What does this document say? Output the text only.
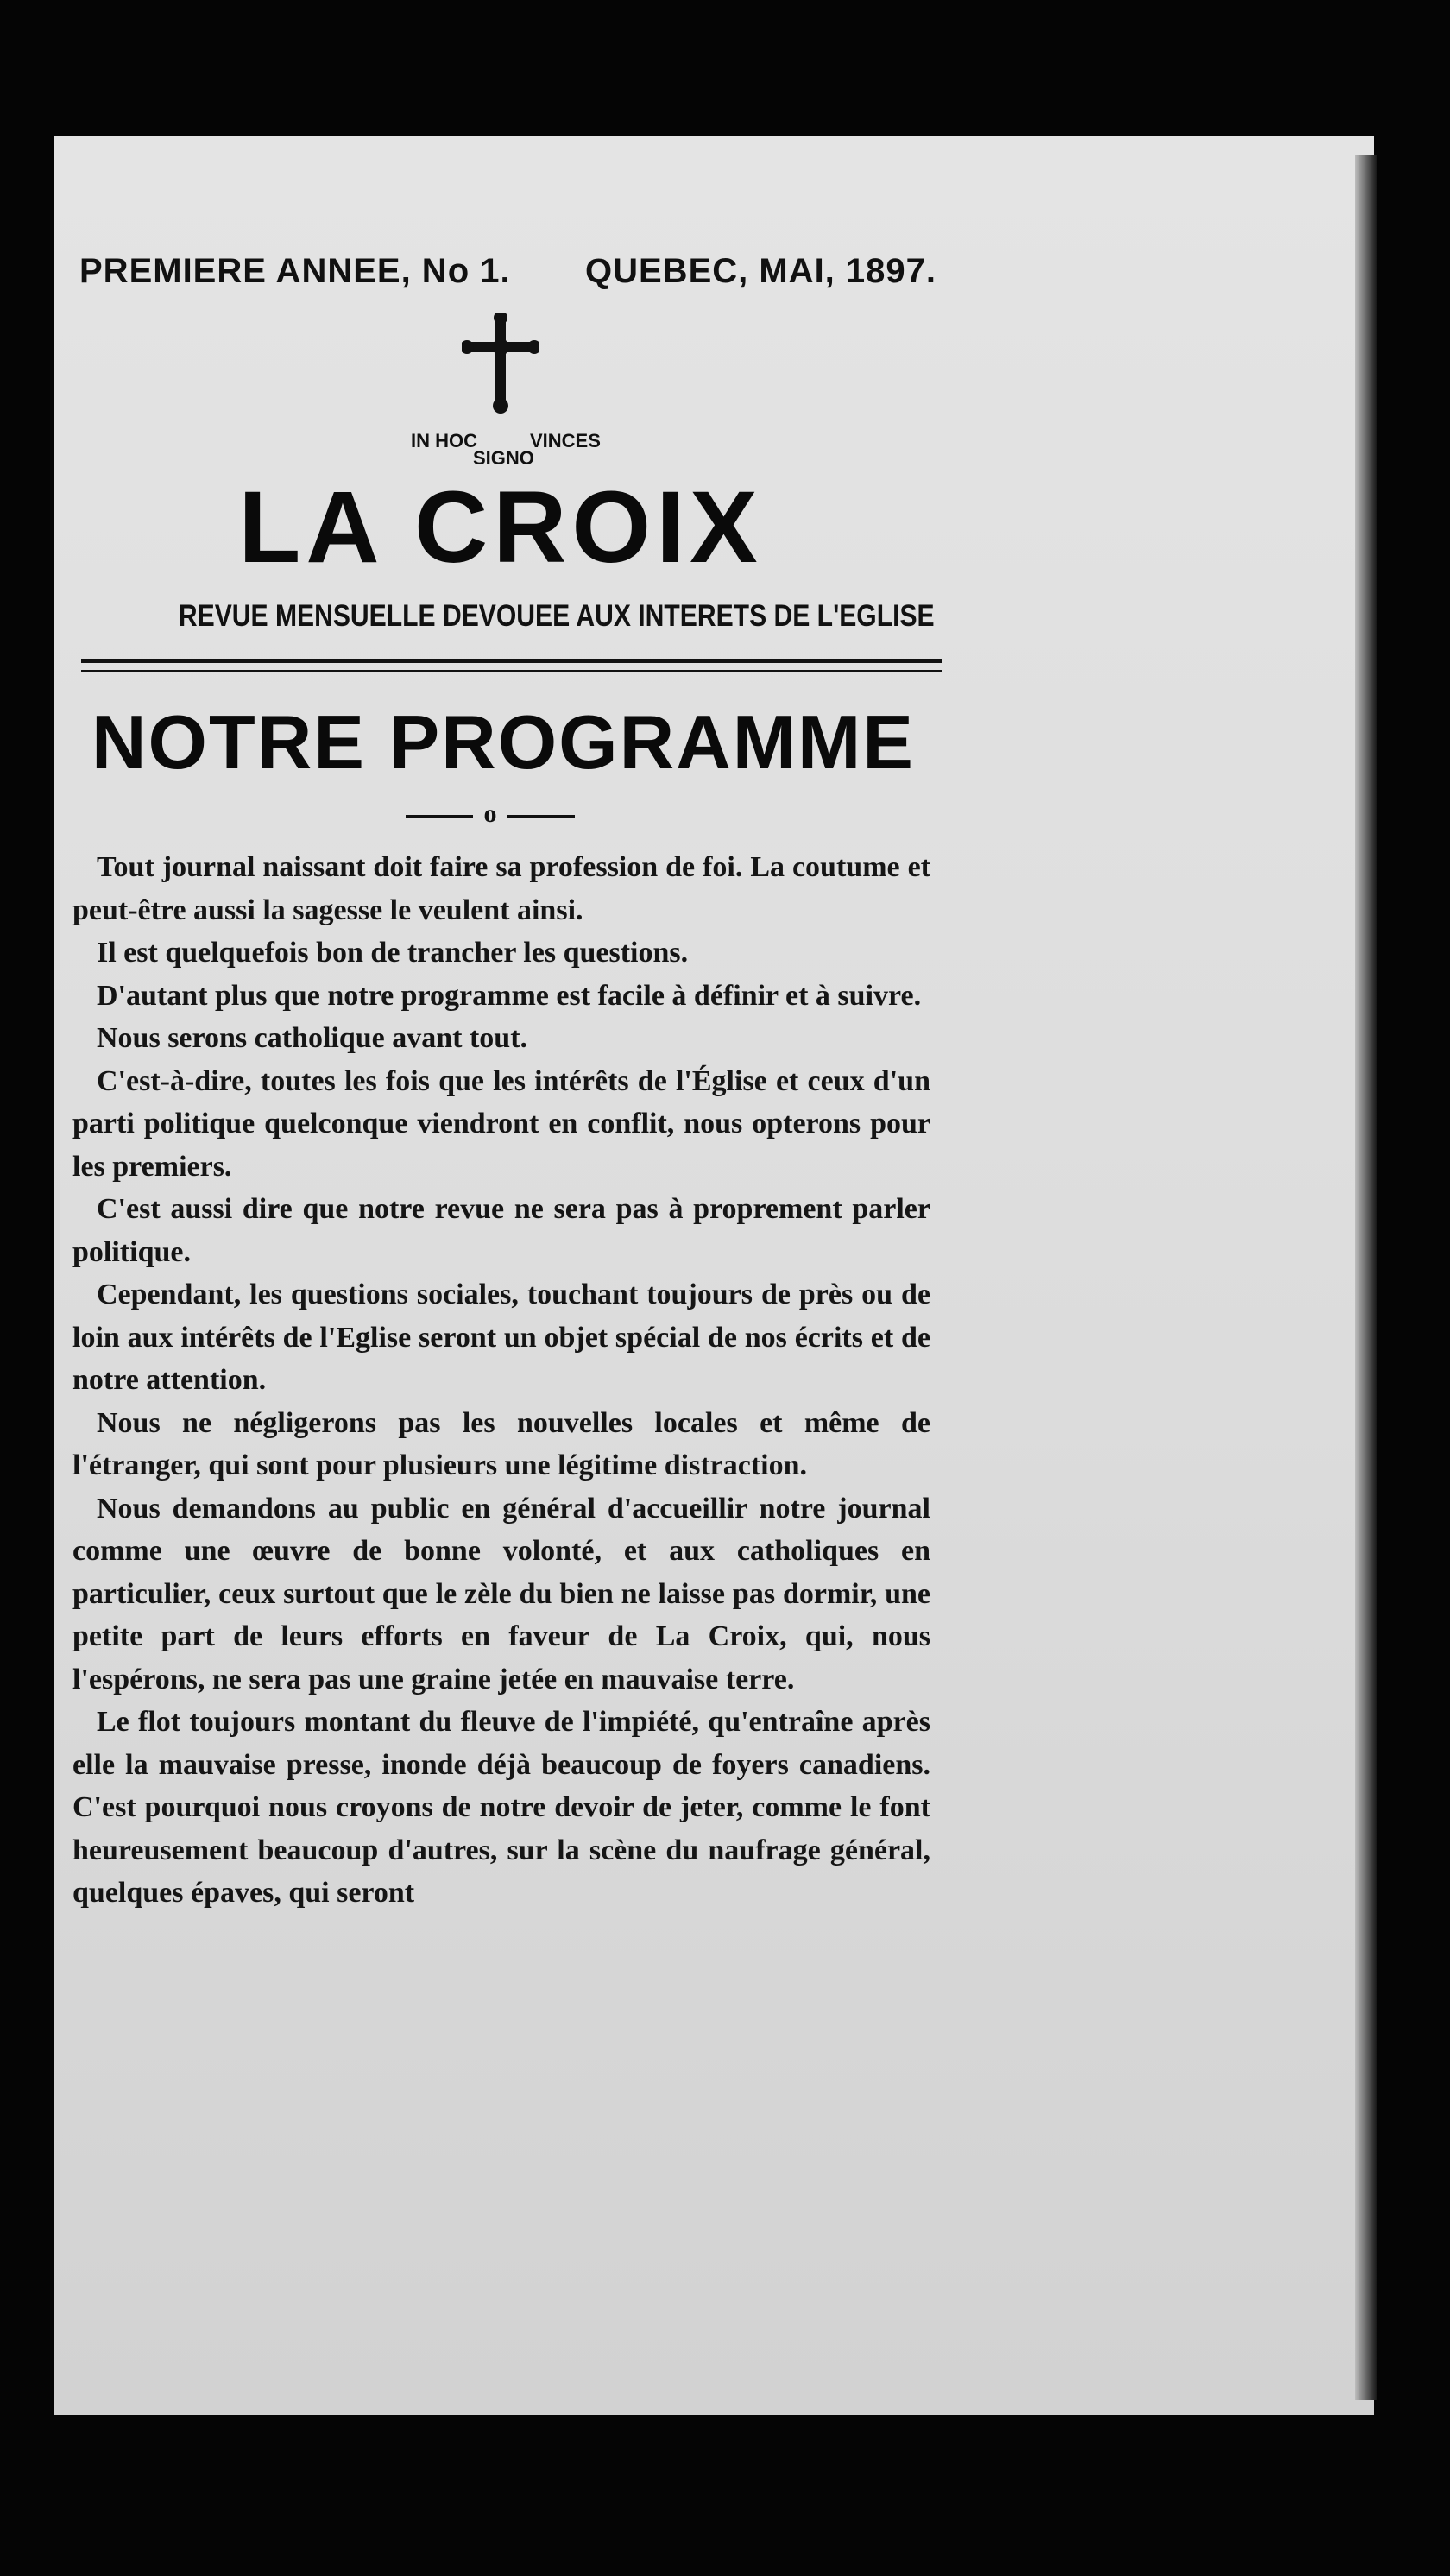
PREMIERE ANNEE, No 1. QUEBEC, MAI, 1897.
IN HOC
SIGNO
VINCES
LA CROIX
REVUE MENSUELLE DEVOUEE AUX INTERETS DE L'EGLISE
NOTRE PROGRAMME
o

Tout journal naissant doit faire sa profession de foi. La coutume et peut-être aussi la sagesse le veulent ainsi.

Il est quelquefois bon de trancher les questions.

D'autant plus que notre programme est facile à définir et à suivre.

Nous serons catholique avant tout.

C'est-à-dire, toutes les fois que les intérêts de l'Église et ceux d'un parti politique quelconque viendront en conflit, nous opterons pour les premiers.

C'est aussi dire que notre revue ne sera pas à proprement parler politique.

Cependant, les questions sociales, touchant toujours de près ou de loin aux intérêts de l'Eglise seront un objet spécial de nos écrits et de notre attention.

Nous ne négligerons pas les nouvelles locales et même de l'étranger, qui sont pour plusieurs une légitime distraction.

Nous demandons au public en général d'accueillir notre journal comme une œuvre de bonne volonté, et aux catholiques en particulier, ceux surtout que le zèle du bien ne laisse pas dormir, une petite part de leurs efforts en faveur de La Croix, qui, nous l'espérons, ne sera pas une graine jetée en mauvaise terre.

Le flot toujours montant du fleuve de l'impiété, qu'entraîne après elle la mauvaise presse, inonde déjà beaucoup de foyers canadiens. C'est pourquoi nous croyons de notre devoir de jeter, comme le font heureusement beaucoup d'autres, sur la scène du naufrage général, quelques épaves, qui seront
